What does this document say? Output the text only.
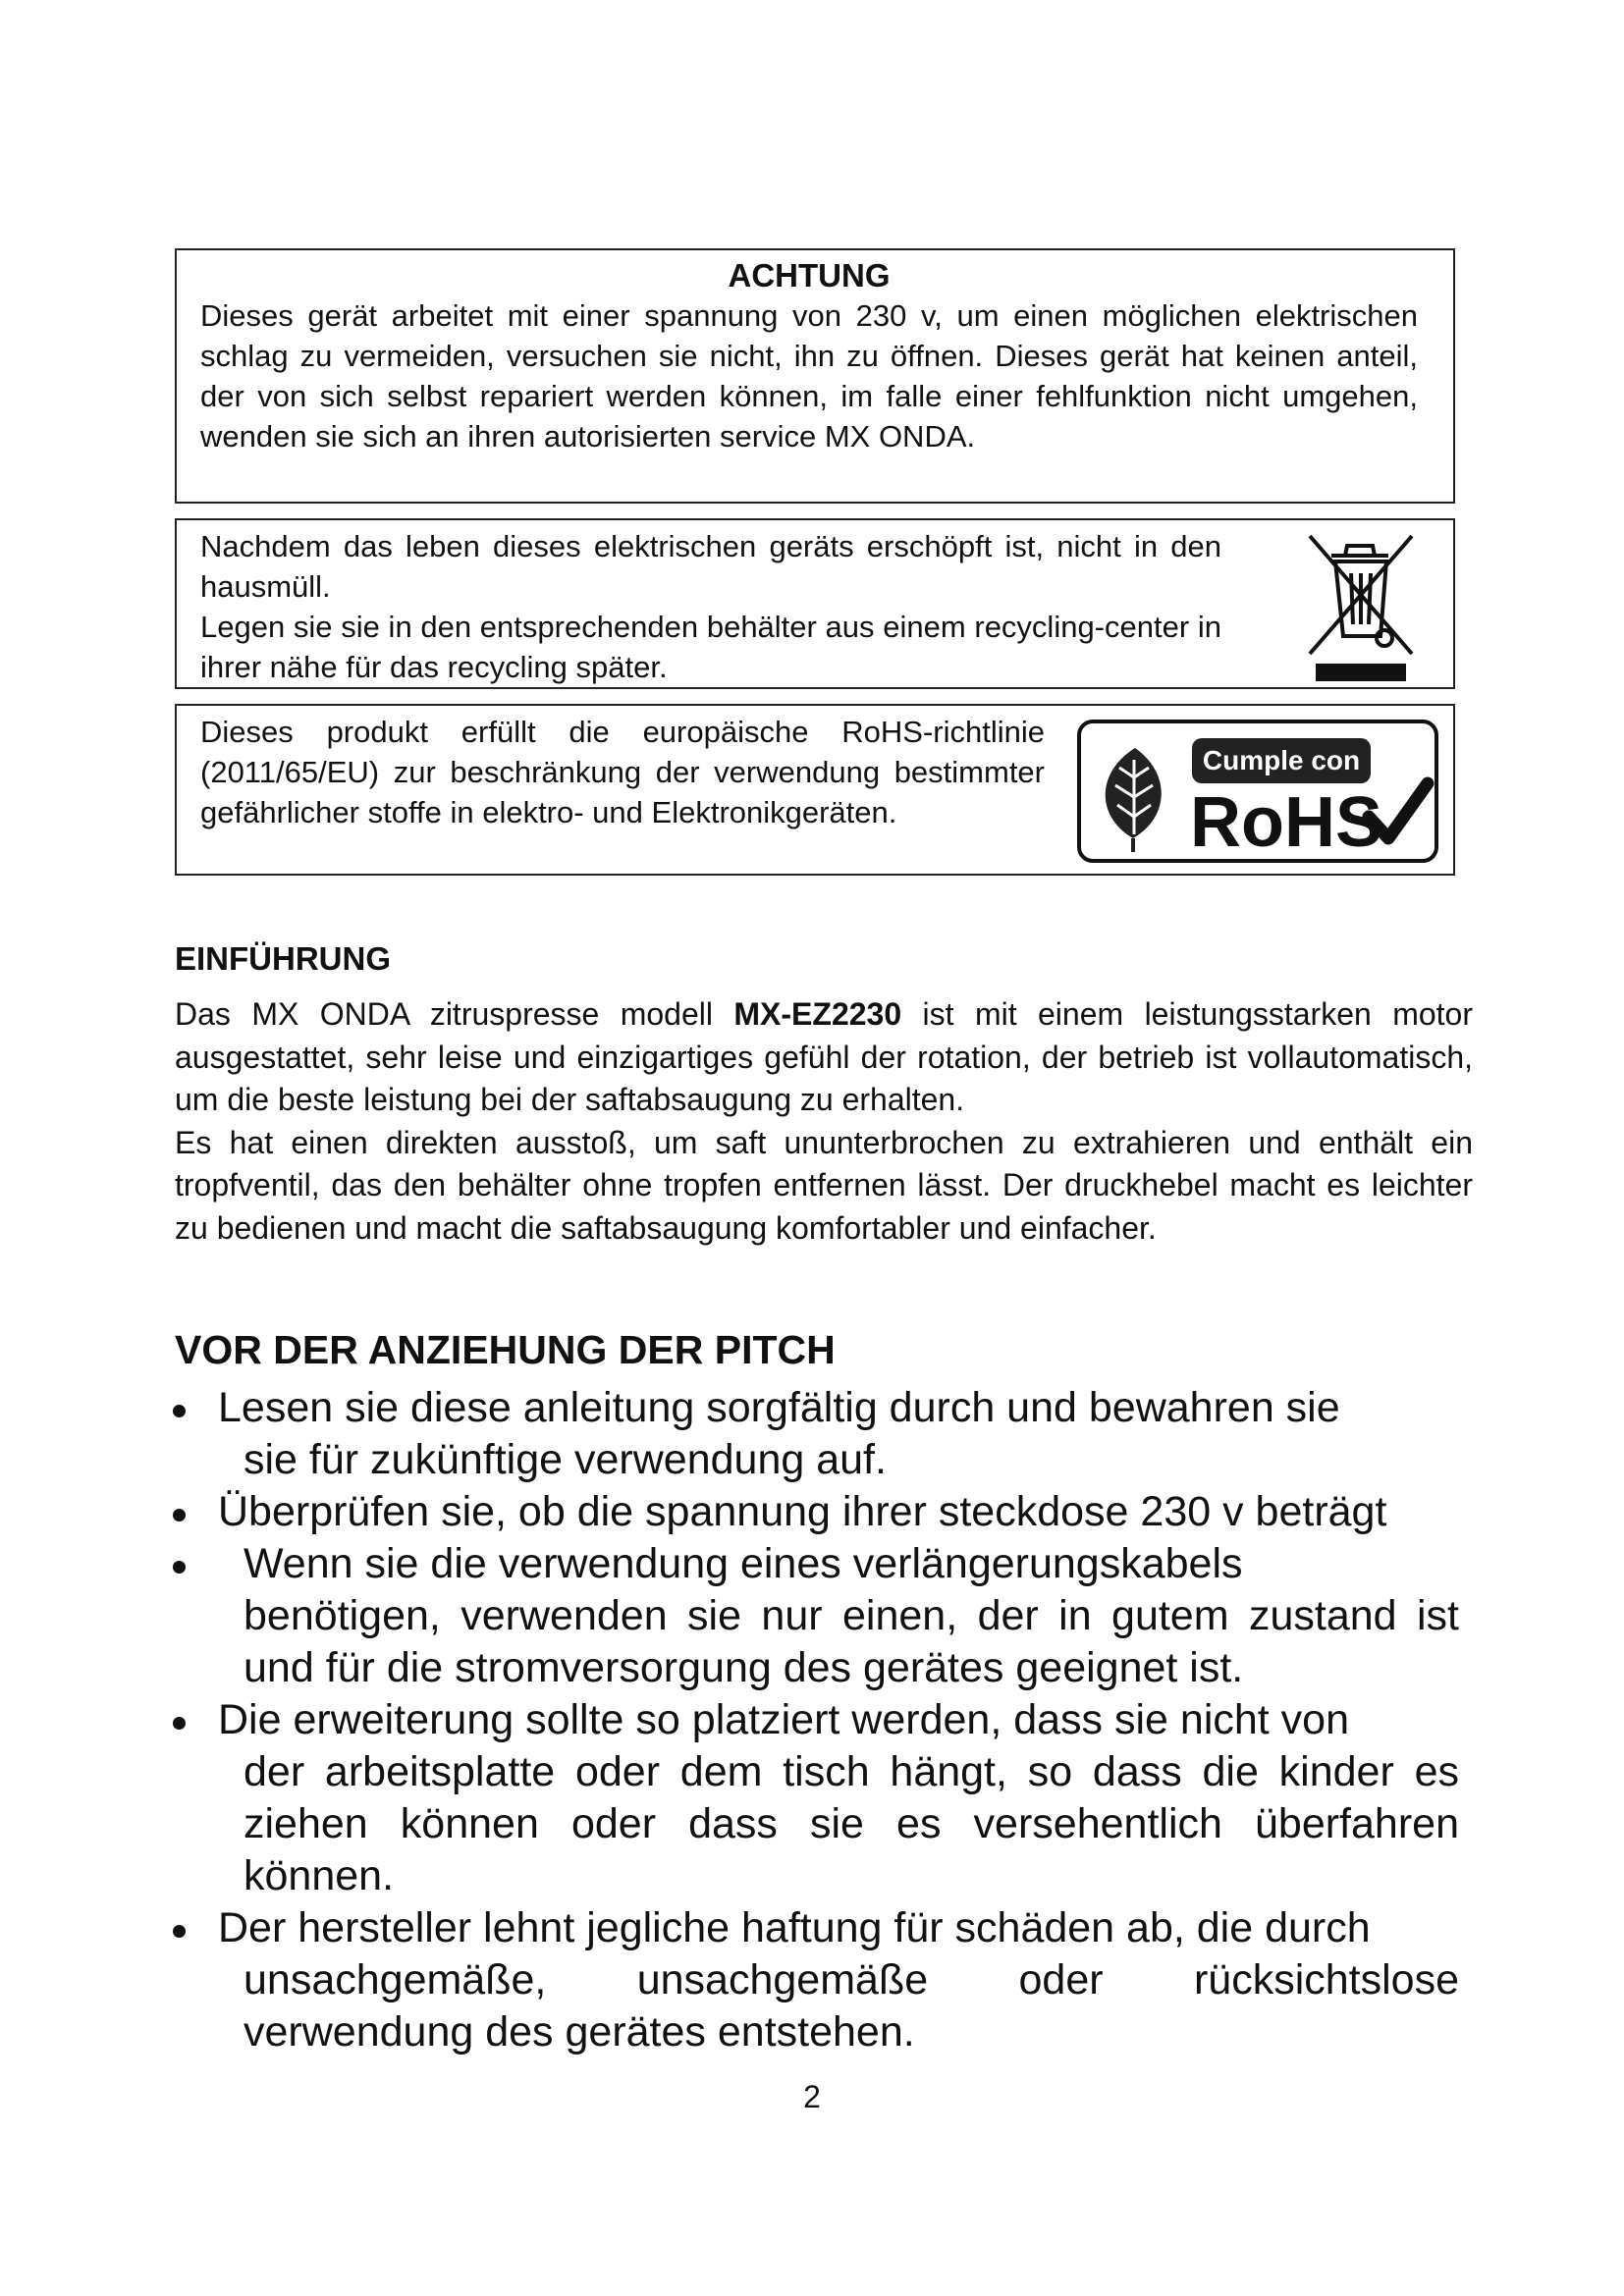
ACHTUNG

Dieses gerät arbeitet mit einer spannung von 230 v, um einen möglichen elektrischen schlag zu vermeiden, versuchen sie nicht, ihn zu öffnen. Dieses gerät hat keinen anteil, der von sich selbst repariert werden können, im falle einer fehlfunktion nicht umgehen, wenden sie sich an ihren autorisierten service MX ONDA.

Nachdem das leben dieses elektrischen geräts erschöpft ist, nicht in den hausmüll.

Legen sie sie in den entsprechenden behälter aus einem recycling-center in ihrer nähe für das recycling später.

Dieses produkt erfüllt die europäische RoHS-richtlinie (2011/65/EU) zur beschränkung der verwendung bestimmter gefährlicher stoffe in elektro- und Elektronikgeräten.

Cumple con
RoHS
EINFÜHRUNG
Das MX ONDA zitruspresse modell MX-EZ2230 ist mit einem leistungsstarken motor ausgestattet, sehr leise und einzigartiges gefühl der rotation, der betrieb ist vollautomatisch, um die beste leistung bei der saftabsaugung zu erhalten.
Es hat einen direkten ausstoß, um saft ununterbrochen zu extrahieren und enthält ein tropfventil, das den behälter ohne tropfen entfernen lässt. Der druckhebel macht es leichter zu bedienen und macht die saftabsaugung komfortabler und einfacher.
VOR DER ANZIEHUNG DER PITCH
Lesen sie diese anleitung sorgfältig durch und bewahren sie
sie für zukünftige verwendung auf.
Überprüfen sie, ob die spannung ihrer steckdose 230 v beträgt
Wenn sie die verwendung eines verlängerungskabels
benötigen, verwenden sie nur einen, der in gutem zustand ist und für die stromversorgung des gerätes geeignet ist.
Die erweiterung sollte so platziert werden, dass sie nicht von
der arbeitsplatte oder dem tisch hängt, so dass die kinder es ziehen können oder dass sie es versehentlich überfahren können.
Der hersteller lehnt jegliche haftung für schäden ab, die durch
unsachgemäße, unsachgemäße oder rücksichtslose verwendung des gerätes entstehen.
2
